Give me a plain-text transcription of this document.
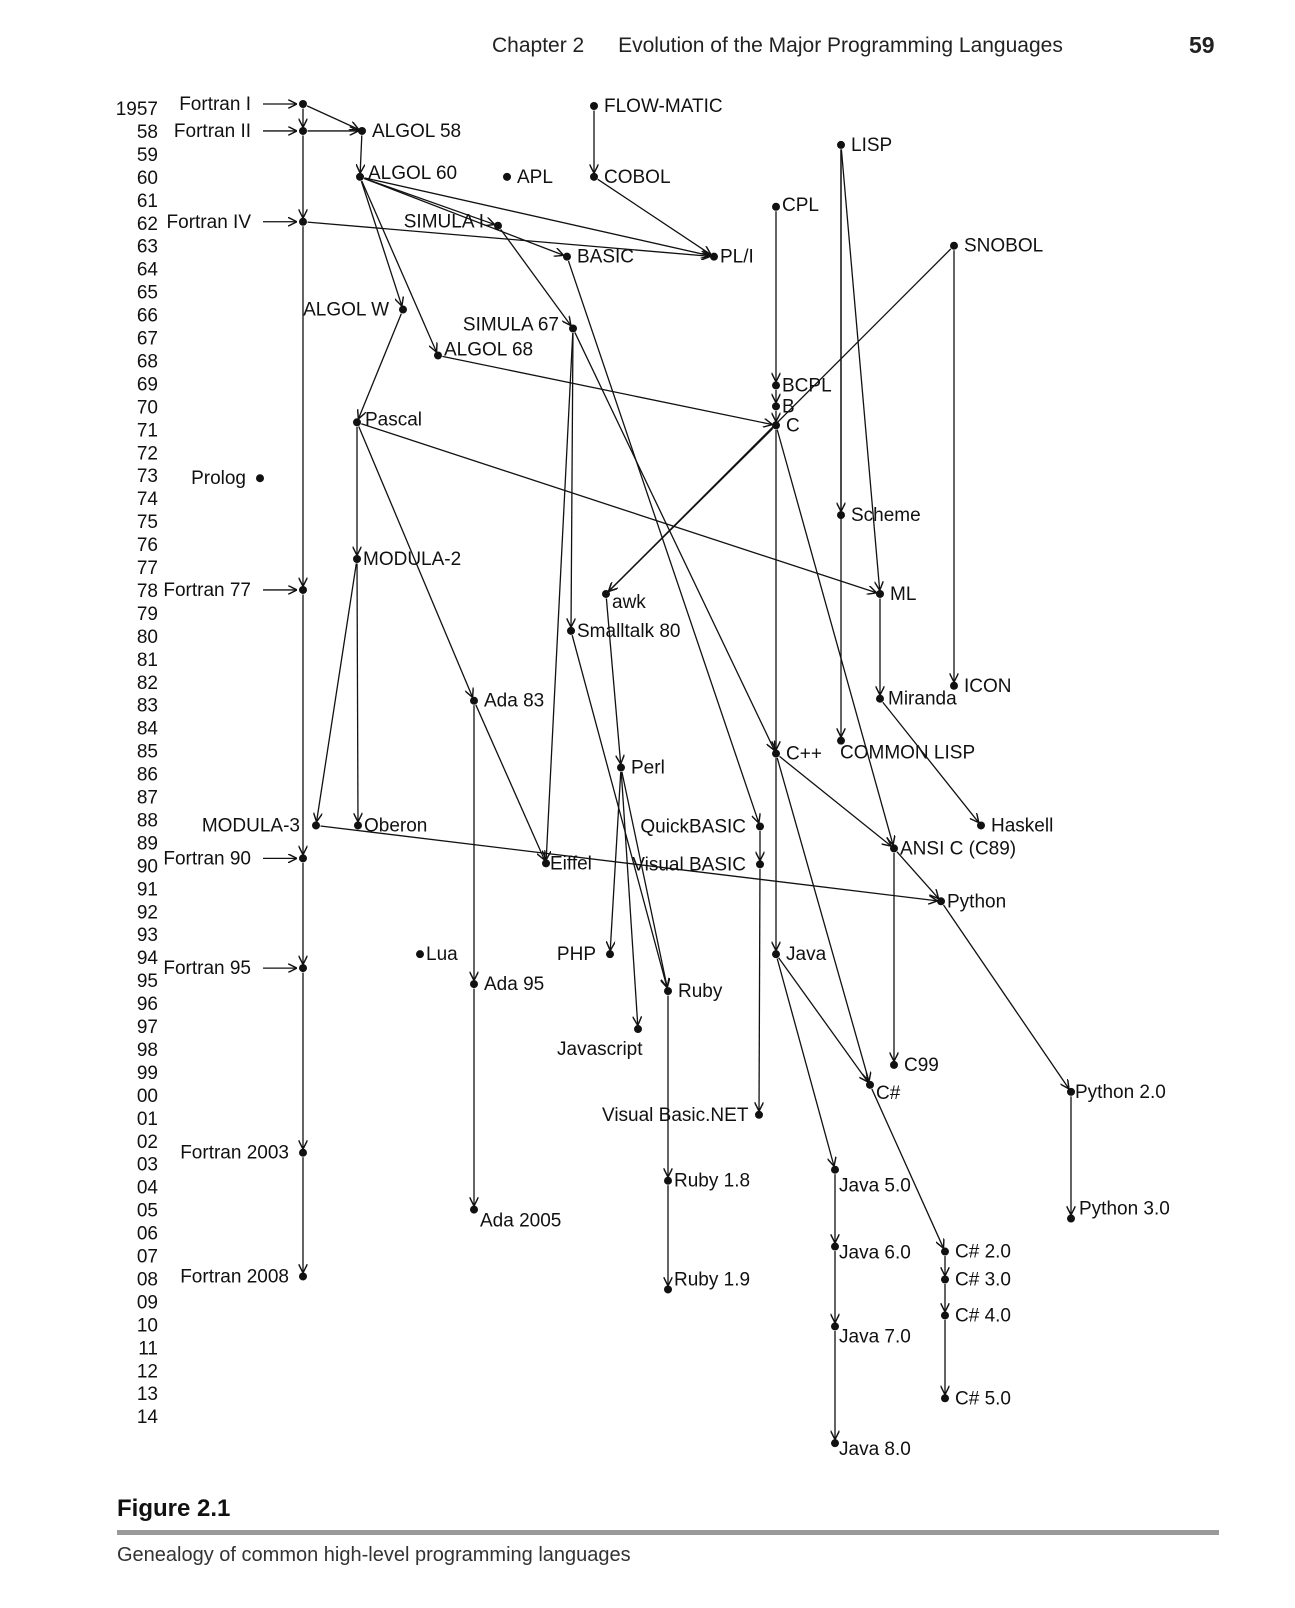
Chapter 2 Evolution of the Major Programming Languages	59
1957
58
59
60
61
62
63
64
65
66
67
68
69
70
71
72
73
74
75
76
77
78
79
80
81
82
83
84
85
86
87
88
89
90
91
92
93
94
95
96
97
98
99
00
01
02
03
04
05
06
07
08
09
10
11
12
13
14
Fortran I
Fortran II	ALGOL 58
FLOW-MATIC
LISP
ALGOL 60	APL	COBOL
Fortran IV
CPL
SIMULA I
SNOBOL
BASIC	PL/I
ALGOL W
SIMULA 67
ALGOL 68
BCPL
B
Pascal	C
Prolog
Scheme
MODULA-2
Fortran 77
awk	ML
Smalltalk 80
Ada 83
ICON
Miranda
COMMON LISP
C++
Perl
MODULA-3	Oberon	QuickBASIC	Haskell
ANSI C (C89)
Fortran 90	Eiffel Visual BASIC
Python
Lua	PHP	Java
Fortran 95
Ada 95	Ruby
Javascript
C99
C#	Python 2.0
Visual Basic.NET
Fortran 2003
Ruby 1.8	Java 5.0
Ada 2005
Java 6.0 C# 2.0
Python 3.0
C# 3.0
Fortran 2008	Ruby 1.9
C# 4.0
Java 7.0
C# 5.0
Java 8.0
Figure 2.1
Genealogy of common high-level programming languages
